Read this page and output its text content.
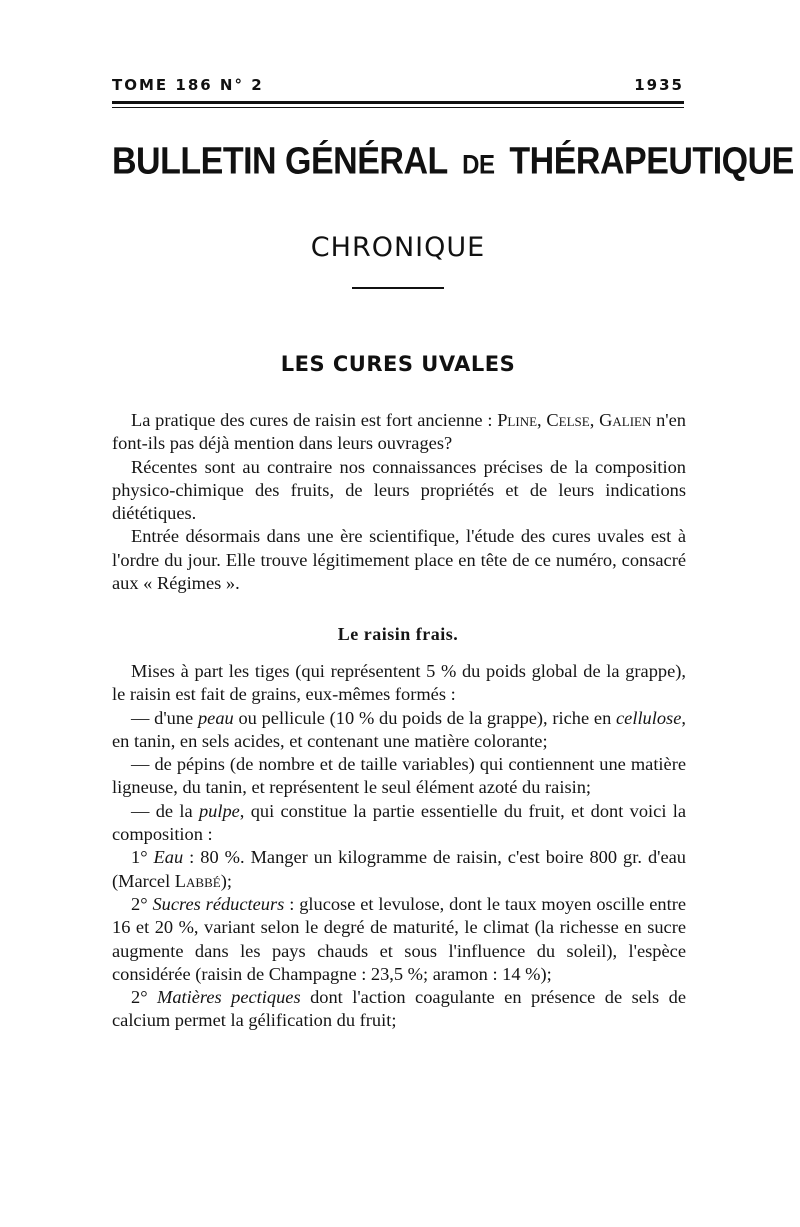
TOME 186 N° 2	1935
BULLETIN GÉNÉRAL DE THÉRAPEUTIQUE
CHRONIQUE
LES CURES UVALES

La pratique des cures de raisin est fort ancienne : Pline, Celse, Galien n'en font-ils pas déjà mention dans leurs ouvrages?

Récentes sont au contraire nos connaissances précises de la composition physico-chimique des fruits, de leurs propriétés et de leurs indications diététiques.

Entrée désormais dans une ère scientifique, l'étude des cures uvales est à l'ordre du jour. Elle trouve légitimement place en tête de ce numéro, consacré aux « Régimes ».

Le raisin frais.

Mises à part les tiges (qui représentent 5 % du poids global de la grappe), le raisin est fait de grains, eux-mêmes formés :

— d'une peau ou pellicule (10 % du poids de la grappe), riche en cellulose, en tanin, en sels acides, et contenant une matière colorante;

— de pépins (de nombre et de taille variables) qui contiennent une matière ligneuse, du tanin, et représentent le seul élément azoté du raisin;

— de la pulpe, qui constitue la partie essentielle du fruit, et dont voici la composition :

1° Eau : 80 %. Manger un kilogramme de raisin, c'est boire 800 gr. d'eau (Marcel Labbé);

2° Sucres réducteurs : glucose et levulose, dont le taux moyen oscille entre 16 et 20 %, variant selon le degré de maturité, le climat (la richesse en sucre augmente dans les pays chauds et sous l'influence du soleil), l'espèce considérée (raisin de Champagne : 23,5 %; aramon : 14 %);

2° Matières pectiques dont l'action coagulante en présence de sels de calcium permet la gélification du fruit;
